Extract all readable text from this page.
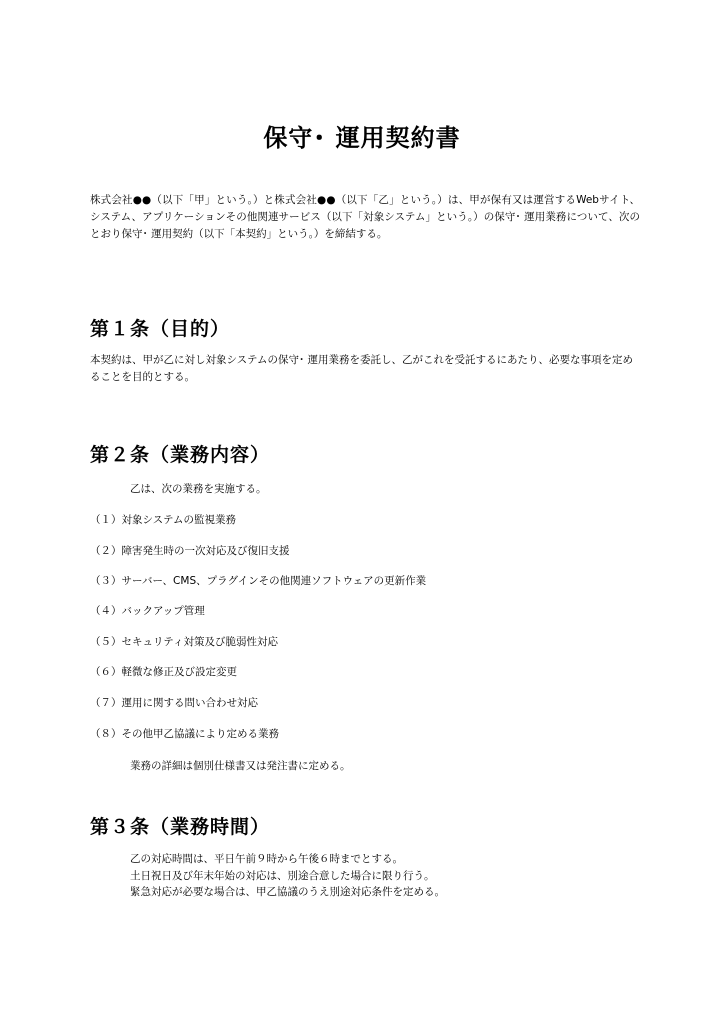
保守･ 運用契約書
株式会社●●（以下「甲」という。）と株式会社●●（以下「乙」という。）は、甲が保有又は運営するWebサイト、システム、アプリケーションその他関連サービス（以下「対象システム」という。）の保守･ 運用業務について、次のとおり保守･ 運用契約（以下「本契約」という。）を締結する。
第１条（目的）
本契約は、甲が乙に対し対象システムの保守･ 運用業務を委託し、乙がこれを受託するにあたり、必要な事項を定めることを目的とする。
第２条（業務内容）
乙は、次の業務を実施する。
（１）対象システムの監視業務
（２）障害発生時の一次対応及び復旧支援
（３）サーバー、CMS、プラグインその他関連ソフトウェアの更新作業
（４）バックアップ管理
（５）セキュリティ対策及び脆弱性対応
（６）軽微な修正及び設定変更
（７）運用に関する問い合わせ対応
（８）その他甲乙協議により定める業務
業務の詳細は個別仕様書又は発注書に定める。
第３条（業務時間）
乙の対応時間は、平日午前９時から午後６時までとする。
土日祝日及び年末年始の対応は、別途合意した場合に限り行う。
緊急対応が必要な場合は、甲乙協議のうえ別途対応条件を定める。
